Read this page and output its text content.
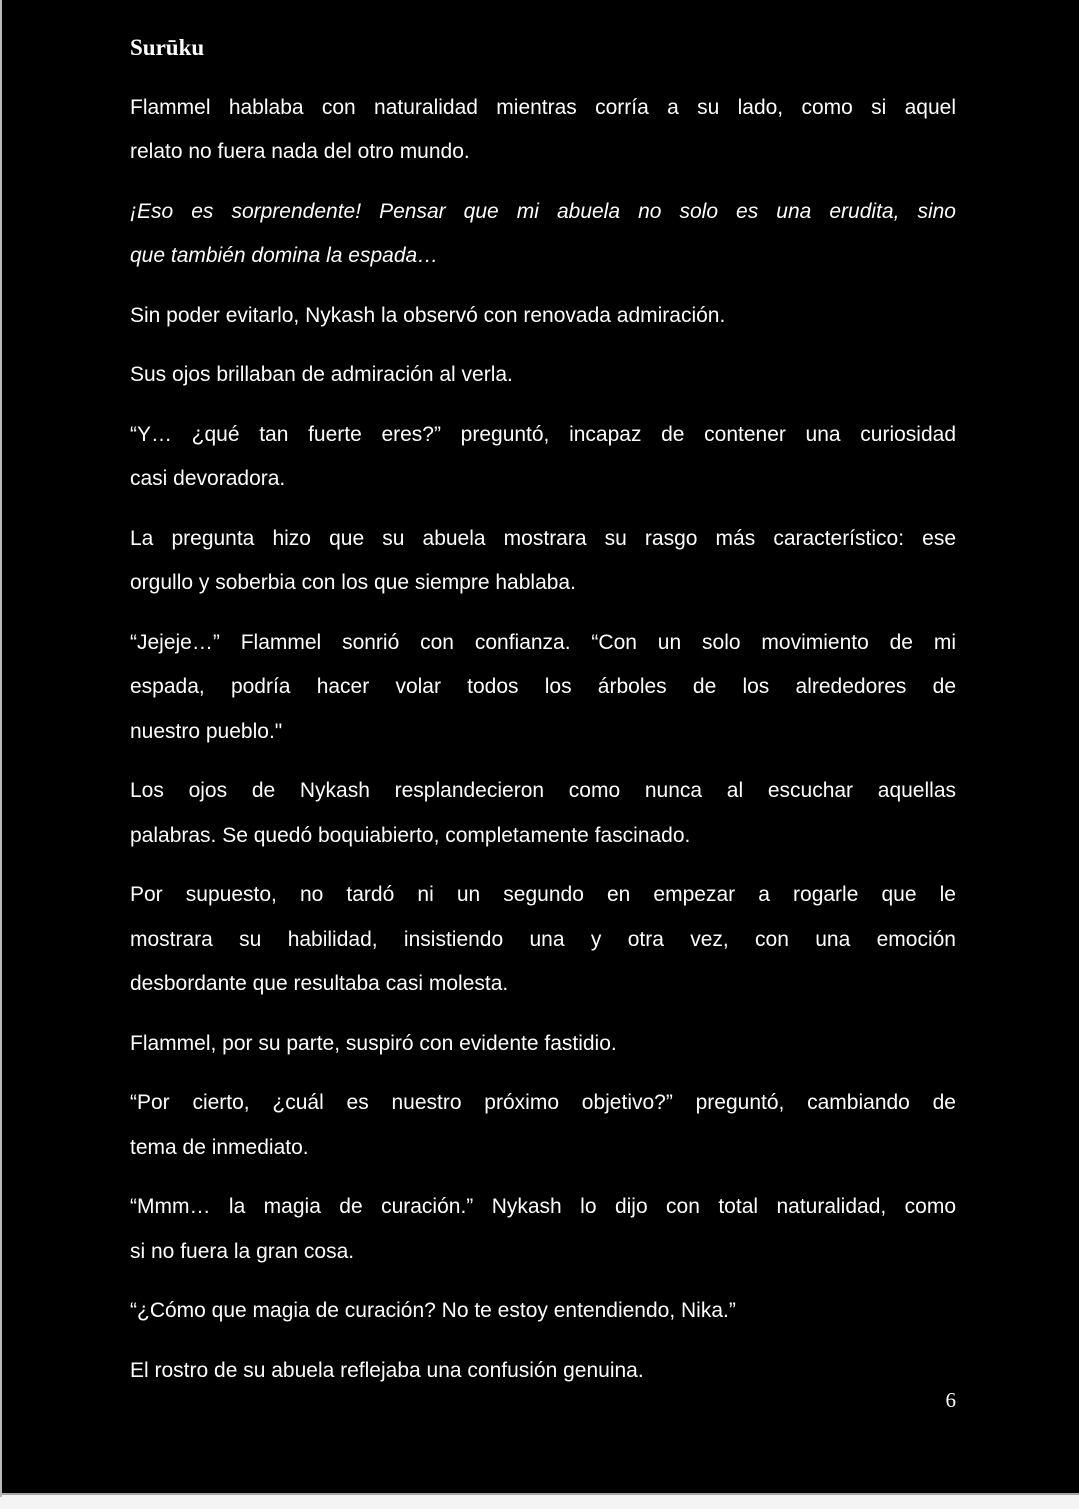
Surūku
Flammel hablaba con naturalidad mientras corría a su lado, como si aquel
relato no fuera nada del otro mundo.
¡Eso es sorprendente! Pensar que mi abuela no solo es una erudita, sino
que también domina la espada…
Sin poder evitarlo, Nykash la observó con renovada admiración.
Sus ojos brillaban de admiración al verla.
“Y… ¿qué tan fuerte eres?” preguntó, incapaz de contener una curiosidad
casi devoradora.
La pregunta hizo que su abuela mostrara su rasgo más característico: ese
orgullo y soberbia con los que siempre hablaba.
“Jejeje…” Flammel sonrió con confianza. “Con un solo movimiento de mi
espada, podría hacer volar todos los árboles de los alrededores de
nuestro pueblo."
Los ojos de Nykash resplandecieron como nunca al escuchar aquellas
palabras. Se quedó boquiabierto, completamente fascinado.
Por supuesto, no tardó ni un segundo en empezar a rogarle que le
mostrara su habilidad, insistiendo una y otra vez, con una emoción
desbordante que resultaba casi molesta.
Flammel, por su parte, suspiró con evidente fastidio.
“Por cierto, ¿cuál es nuestro próximo objetivo?” preguntó, cambiando de
tema de inmediato.
“Mmm… la magia de curación.” Nykash lo dijo con total naturalidad, como
si no fuera la gran cosa.
“¿Cómo que magia de curación? No te estoy entendiendo, Nika.”
El rostro de su abuela reflejaba una confusión genuina.
6
